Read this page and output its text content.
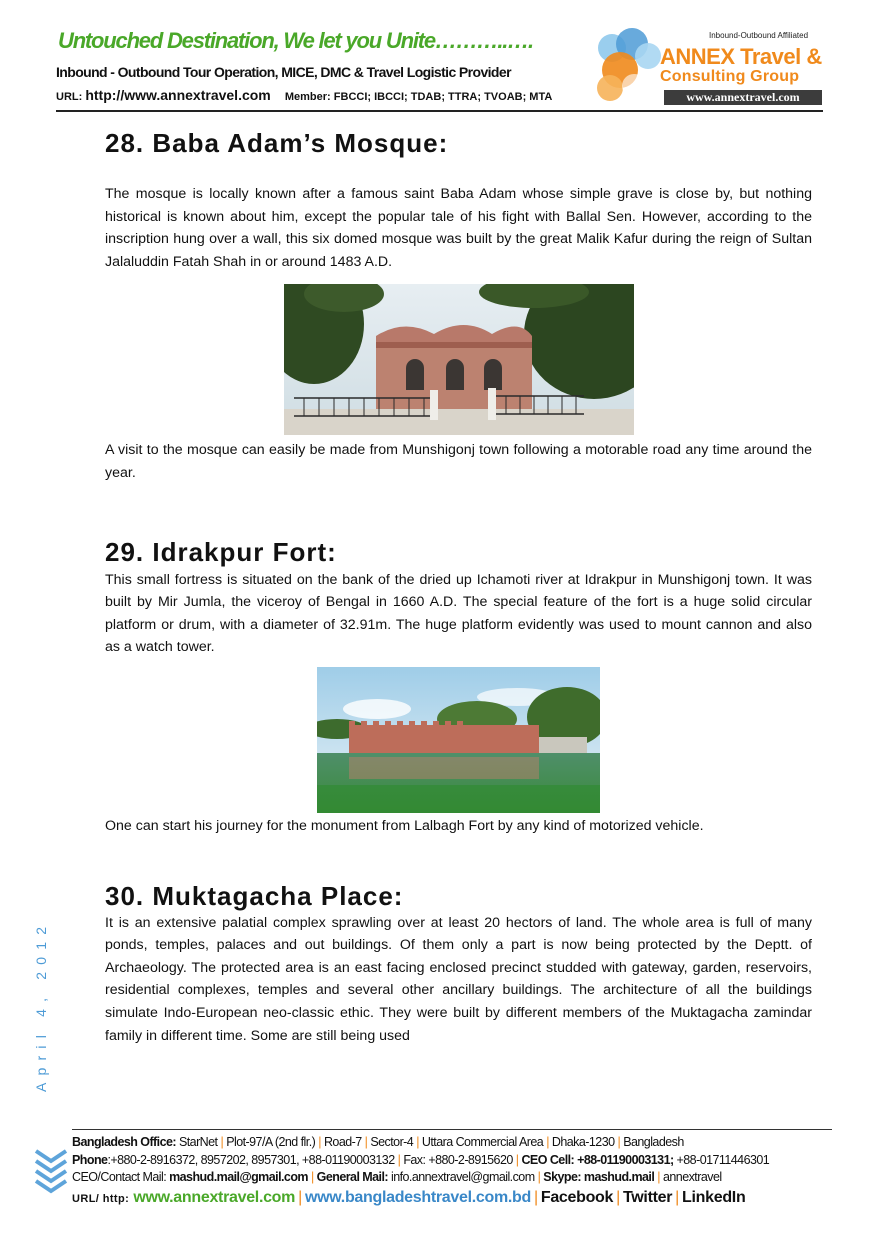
Untouched Destination, We let you Unite………..….
Inbound - Outbound Tour Operation, MICE, DMC & Travel Logistic Provider
URL: http://www.annextravel.com Member: FBCCI; IBCCI; TDAB; TTRA; TVOAB; MTA
Inbound-Outbound Affiliated
ANNEX Travel &
Consulting Group
www.annextravel.com
28. Baba Adam’s Mosque:

The mosque is locally known after a famous saint Baba Adam whose simple grave is close by, but nothing historical is known about him, except the popular tale of his fight with Ballal Sen. However, according to the inscription hung over a wall, this six domed mosque was built by the great Malik Kafur during the reign of Sultan Jalaluddin Fatah Shah in or around 1483 A.D.

A visit to the mosque can easily be made from Munshigonj town following a motorable road any time around the year.

29. Idrakpur Fort:

This small fortress is situated on the bank of the dried up Ichamoti river at Idrakpur in Munshigonj town. It was built by Mir Jumla, the viceroy of Bengal in 1660 A.D. The special feature of the fort is a huge solid circular platform or drum, with a diameter of 32.91m. The huge platform evidently was used to mount cannon and also as a watch tower.

One can start his journey for the monument from Lalbagh Fort by any kind of motorized vehicle.

30. Muktagacha Place:

It is an extensive palatial complex sprawling over at least 20 hectors of land. The whole area is full of many ponds, temples, palaces and out buildings. Of them only a part is now being protected by the Deptt. of Archaeology. The protected area is an east facing enclosed precinct studded with gateway, garden, reservoirs, residential complexes, temples and several other ancillary buildings. The architecture of all the buildings simulate Indo-European neo-classic ethic. They were built by different members of the Muktagacha zamindar family in different time. Some are still being used

April 4, 2012
Bangladesh Office: StarNet | Plot-97/A (2nd flr.) | Road-7 | Sector-4 | Uttara Commercial Area | Dhaka-1230 | Bangladesh
Phone:+880-2-8916372, 8957202, 8957301, +88-01190003132 | Fax: +880-2-8915620 | CEO Cell: +88-01190003131; +88-01711446301
CEO/Contact Mail: mashud.mail@gmail.com | General Mail: info.annextravel@gmail.com | Skype: mashud.mail | annextravel
URL/ http: www.annextravel.com | www.bangladeshtravel.com.bd | Facebook | Twitter | LinkedIn
